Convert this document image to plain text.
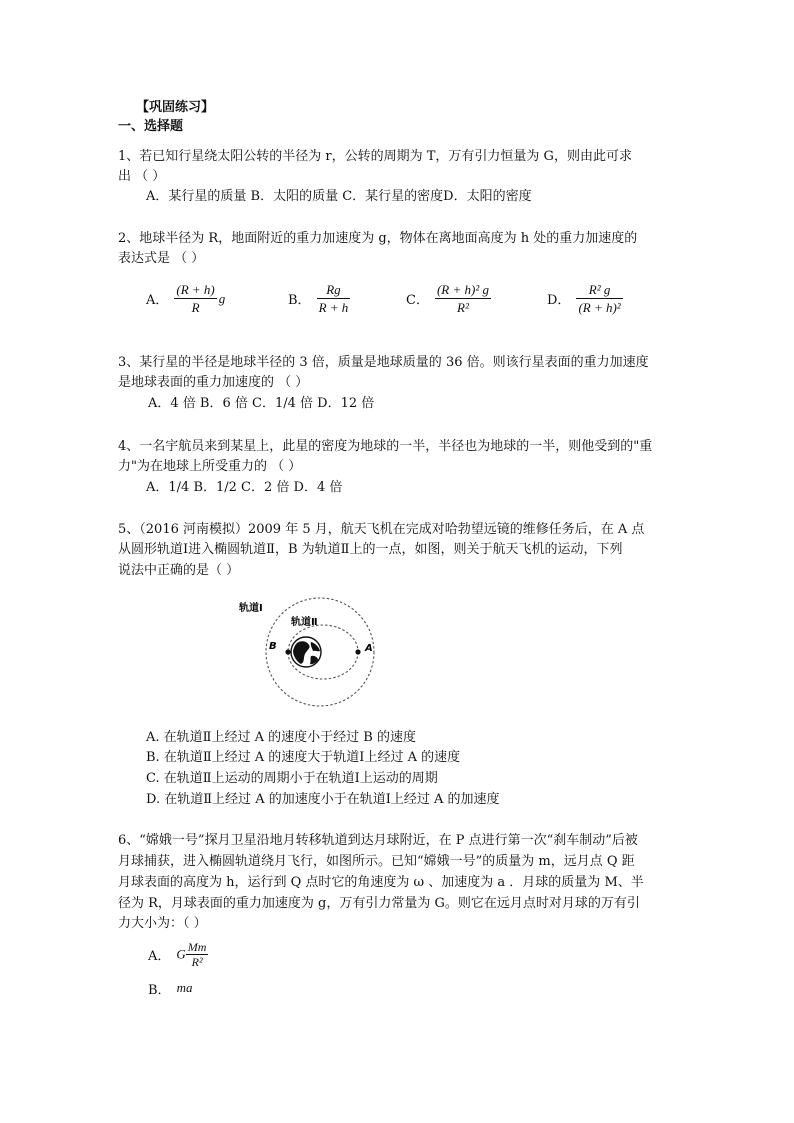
【巩固练习】
一、选择题
1、若已知行星绕太阳公转的半径为 r，公转的周期为 T，万有引力恒量为 G，则由此可求
出 （ ）
A．某行星的质量 B．太阳的质量 C．某行星的密度D．太阳的密度
2、地球半径为 R，地面附近的重力加速度为 g，物体在离地面高度为 h 处的重力加速度的
表达式是 （ ）
A． $\frac{(R + h)}{R}$ g	B． $\frac{Rg}{R + h}$	C． $\frac{\text{(R + h)² g}}{\text{R²}}$	D． $\frac{\text{R² g}}{\text{(R + h)²}}$
3、某行星的半径是地球半径的 3 倍，质量是地球质量的 36 倍。则该行星表面的重力加速度
是地球表面的重力加速度的 （ ）
A．4 倍 B．6 倍 C．1/4 倍 D．12 倍
4、一名宇航员来到某星上，此星的密度为地球的一半，半径也为地球的一半，则他受到的"重
力"为在地球上所受重力的 （ ）
A．1/4 B．1/2 C．2 倍 D．4 倍
5、（2016 河南模拟）2009 年 5 月，航天飞机在完成对哈勃望远镜的维修任务后，在 A 点
从圆形轨道Ⅰ进入椭圆轨道Ⅱ，B 为轨道Ⅱ上的一点，如图，则关于航天飞机的运动，下列
说法中正确的是（ ）
轨道Ⅰ
轨道Ⅱ
B	A
A. 在轨道Ⅱ上经过 A 的速度小于经过 B 的速度
B. 在轨道Ⅱ上经过 A 的速度大于轨道Ⅰ上经过 A 的速度
C. 在轨道Ⅱ上运动的周期小于在轨道Ⅰ上运动的周期
D. 在轨道Ⅱ上经过 A 的加速度小于在轨道Ⅰ上经过 A 的加速度
6、“嫦娥一号”探月卫星沿地月转移轨道到达月球附近，在 P 点进行第一次“刹车制动”后被
月球捕获，进入椭圆轨道绕月飞行，如图所示。已知“嫦娥一号”的质量为 m，远月点 Q 距
月球表面的高度为 h，运行到 Q 点时它的角速度为 ω 、加速度为 a ．月球的质量为 M、半
径为 R，月球表面的重力加速度为 g，万有引力常量为 G。则它在远月点时对月球的万有引
力大小为：（ ）
A． G $\frac{Mm}{\text{R²}}$
B． ma
